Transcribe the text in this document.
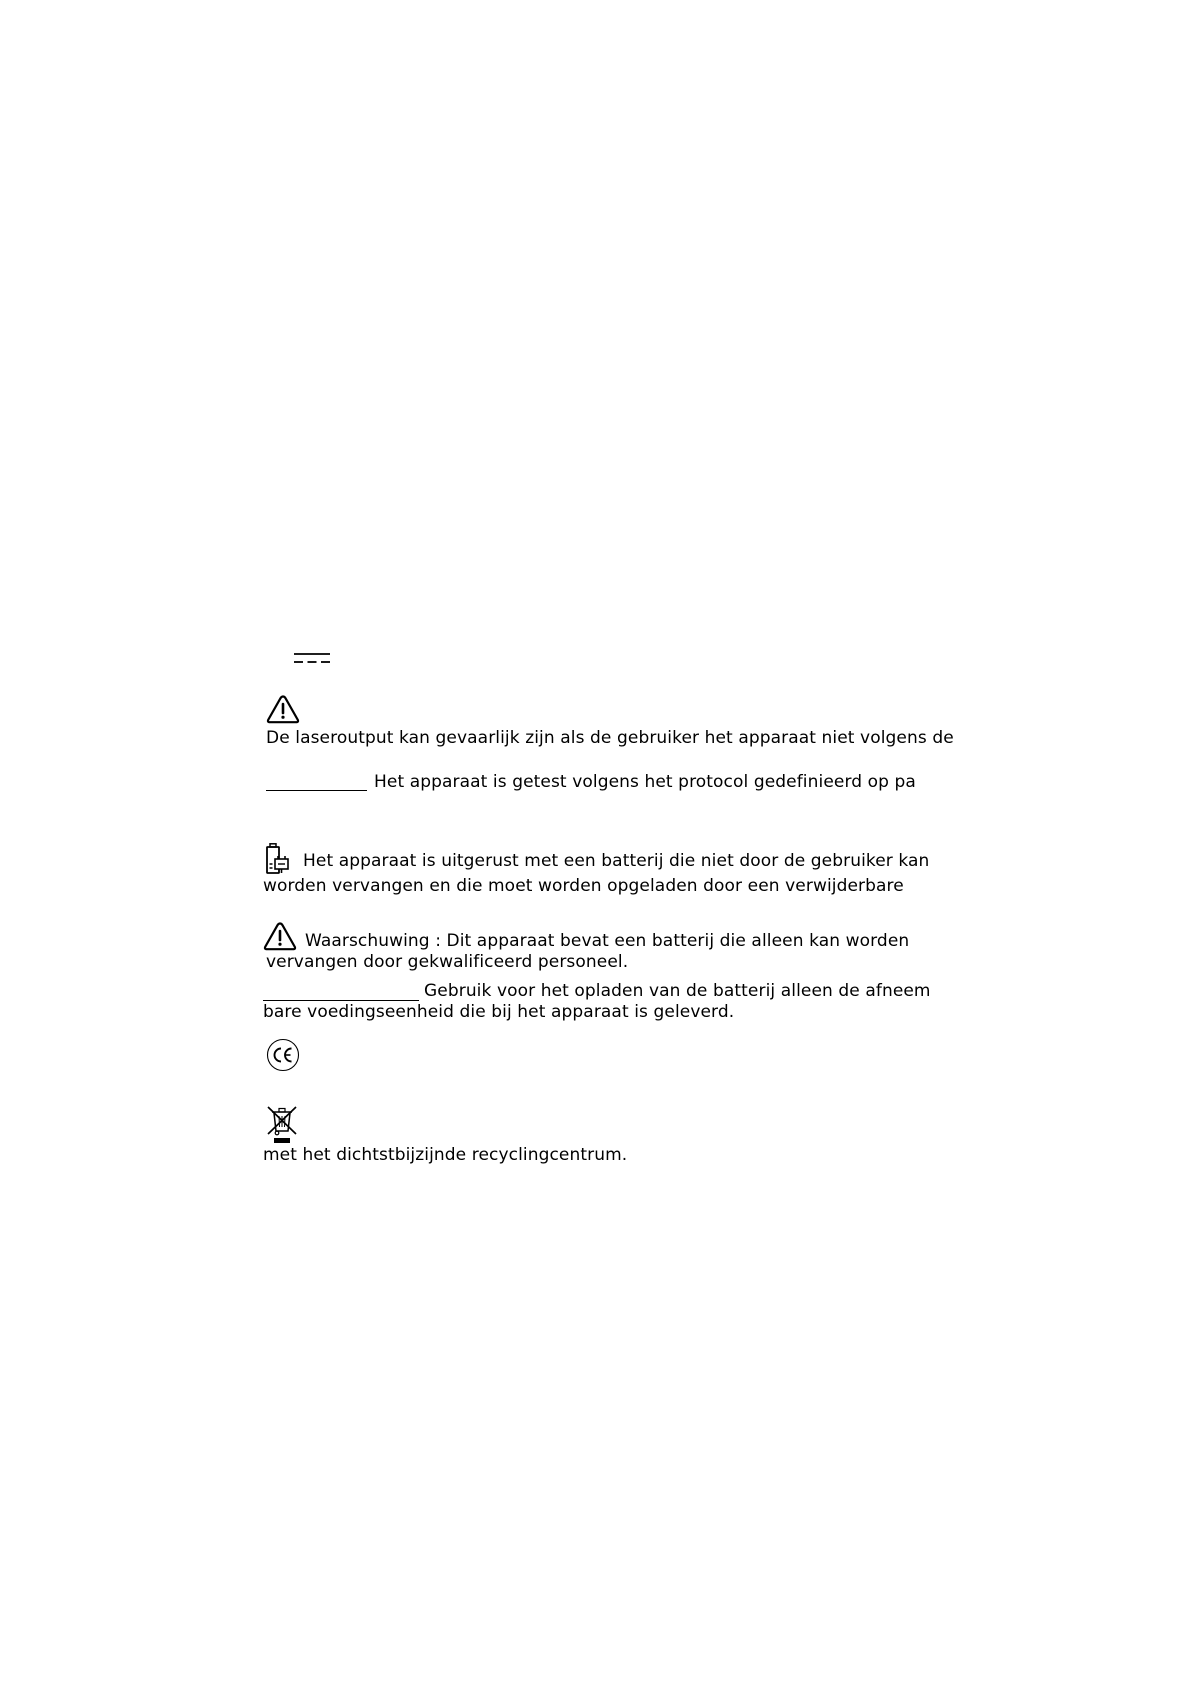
De laseroutput kan gevaarlijk zijn als de gebruiker het apparaat niet volgens de
Het apparaat is getest volgens het protocol gedefinieerd op pa
Het apparaat is uitgerust met een batterij die niet door de gebruiker kan
worden vervangen en die moet worden opgeladen door een verwijderbare
Waarschuwing : Dit apparaat bevat een batterij die alleen kan worden
vervangen door gekwalificeerd personeel.
Gebruik voor het opladen van de batterij alleen de afneem
bare voedingseenheid die bij het apparaat is geleverd.
met het dichtstbijzijnde recyclingcentrum.
